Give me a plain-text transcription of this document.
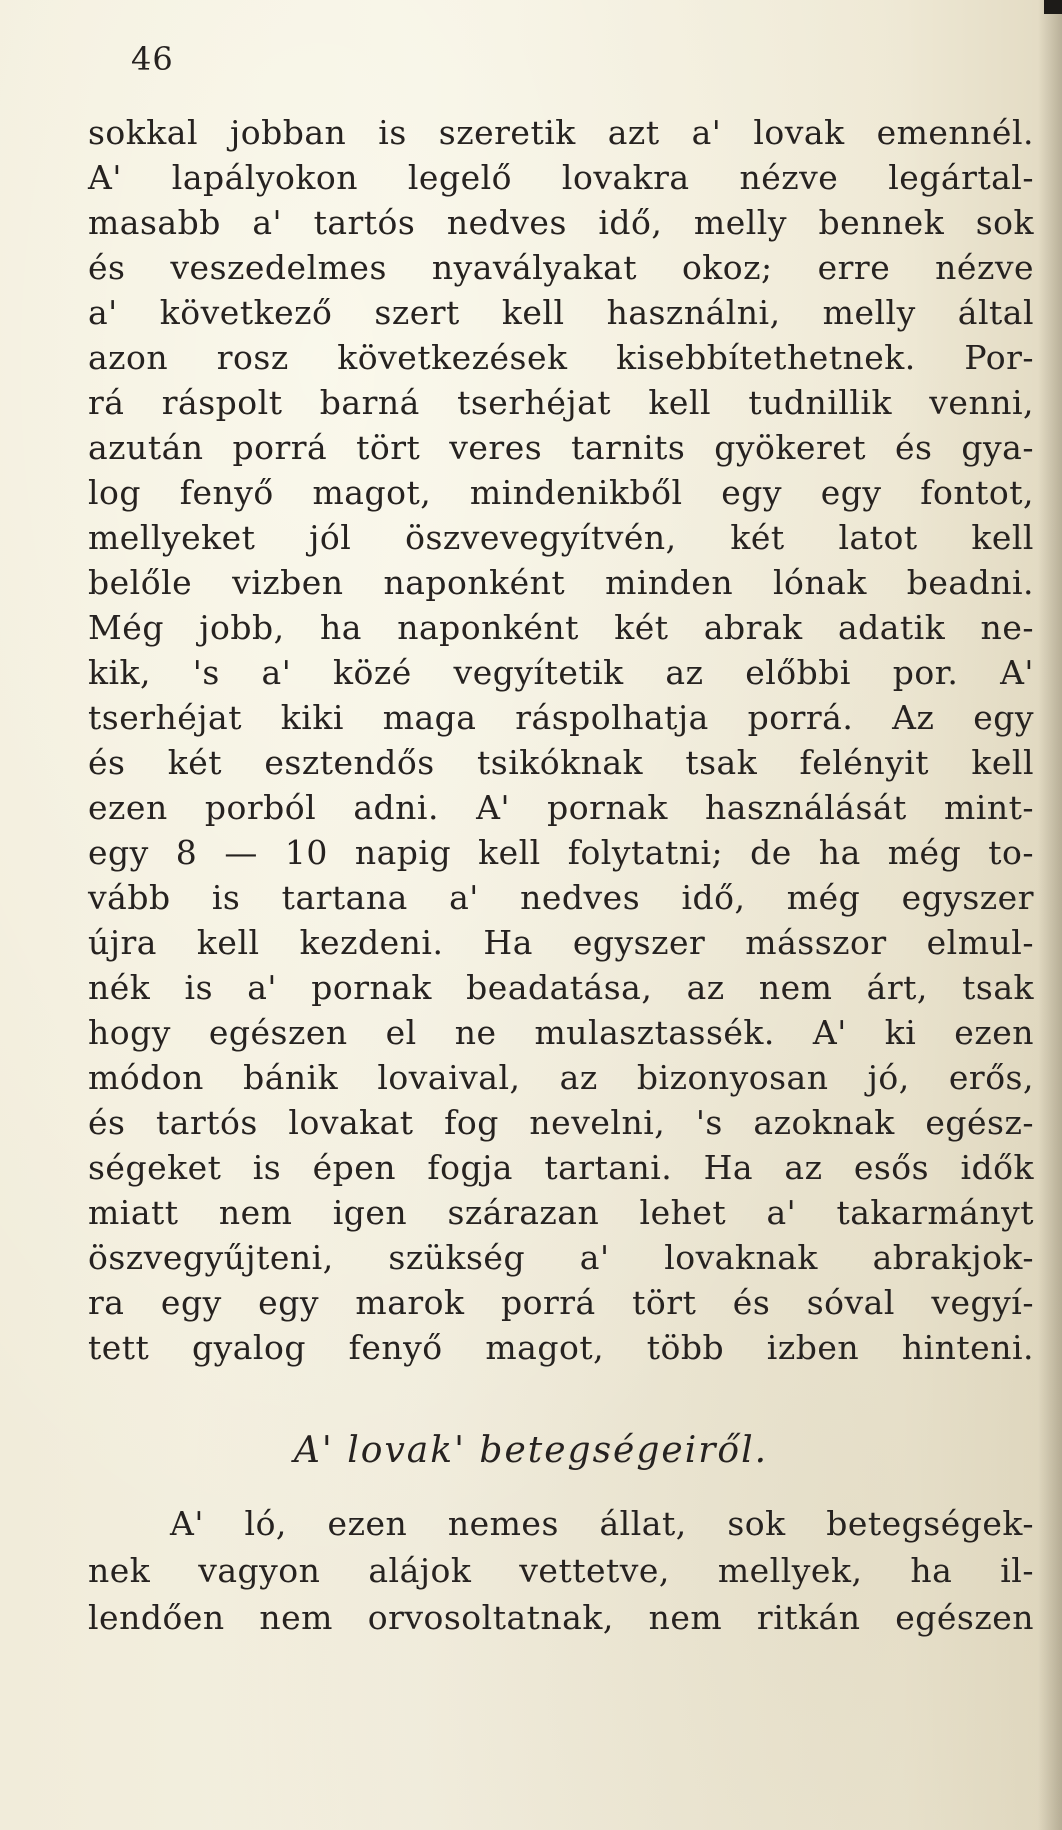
46
sokkal jobban is szeretik azt a' lovak emennél.
A' lapályokon legelő lovakra nézve legártal-
masabb a' tartós nedves idő, melly bennek sok
és veszedelmes nyavályakat okoz; erre nézve
a' következő szert kell használni, melly által
azon rosz következések kisebbítethetnek. Por-
rá ráspolt barná tserhéjat kell tudnillik venni,
azután porrá tört veres tarnits gyökeret és gya-
log fenyő magot, mindenikből egy egy fontot,
mellyeket jól öszvevegyítvén, két latot kell
belőle vizben naponként minden lónak beadni.
Még jobb, ha naponként két abrak adatik ne-
kik, 's a' közé vegyítetik az előbbi por. A'
tserhéjat kiki maga ráspolhatja porrá. Az egy
és két esztendős tsikóknak tsak felényit kell
ezen porból adni. A' pornak használását mint-
egy 8 — 10 napig kell folytatni; de ha még to-
vább is tartana a' nedves idő, még egyszer
újra kell kezdeni. Ha egyszer másszor elmul-
nék is a' pornak beadatása, az nem árt, tsak
hogy egészen el ne mulasztassék. A' ki ezen
módon bánik lovaival, az bizonyosan jó, erős,
és tartós lovakat fog nevelni, 's azoknak egész-
ségeket is épen fogja tartani. Ha az esős idők
miatt nem igen szárazan lehet a' takarmányt
öszvegyűjteni, szükség a' lovaknak abrakjok-
ra egy egy marok porrá tört és sóval vegyí-
tett gyalog fenyő magot, több izben hinteni.
A' lovak' betegségeiről.
A' ló, ezen nemes állat, sok betegségek-
nek vagyon alájok vettetve, mellyek, ha il-
lendően nem orvosoltatnak, nem ritkán egészen
